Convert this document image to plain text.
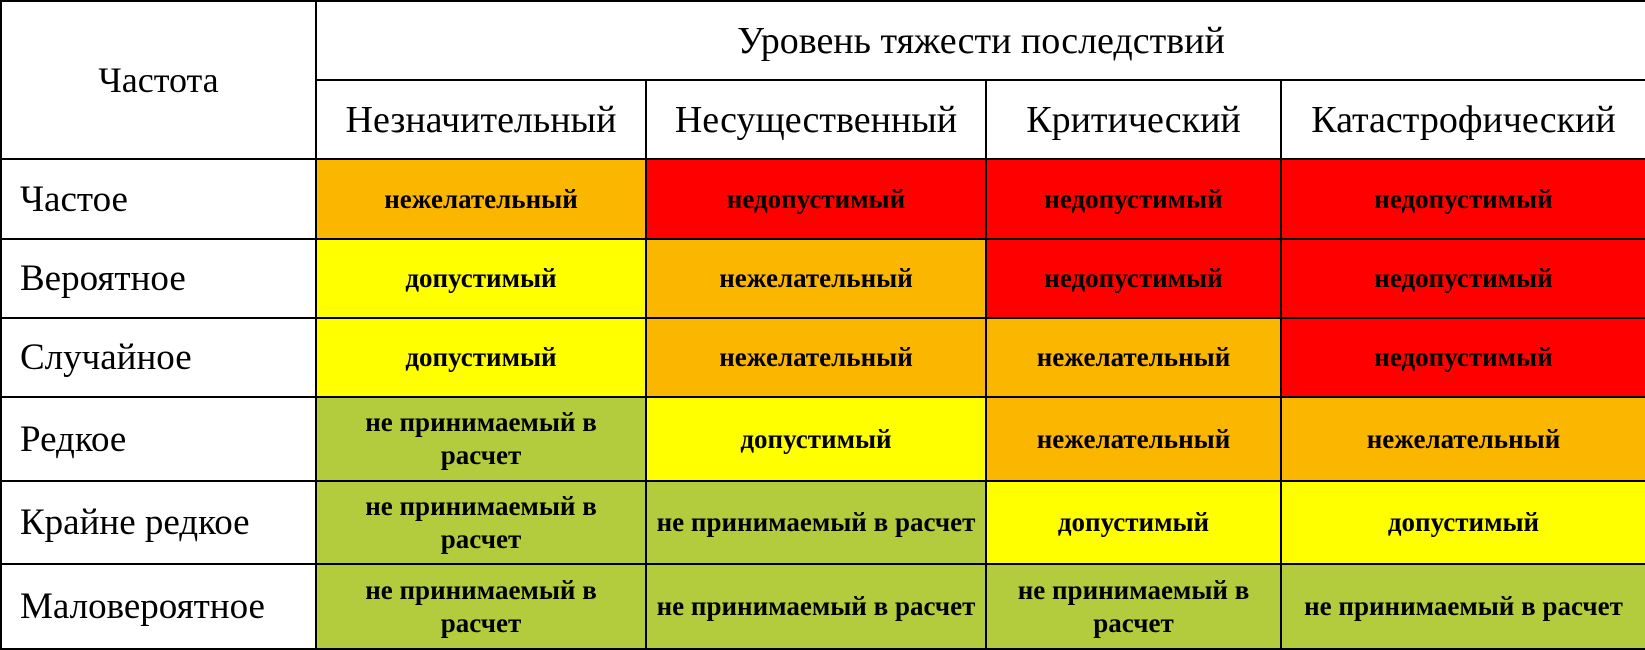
Частота	Уровень тяжести последствий			
	Незначительный	Несущественный	Критический	Катастрофический
Частое	нежелательный	недопустимый	недопустимый	недопустимый
Вероятное	допустимый	нежелательный	недопустимый	недопустимый
Случайное	допустимый	нежелательный	нежелательный	недопустимый
Редкое	не принимаемый в расчет	допустимый	нежелательный	нежелательный
Крайне редкое	не принимаемый в расчет	не принимаемый в расчет	допустимый	допустимый
Маловероятное	не принимаемый в расчет	не принимаемый в расчет	не принимаемый в расчет	не принимаемый в расчет
